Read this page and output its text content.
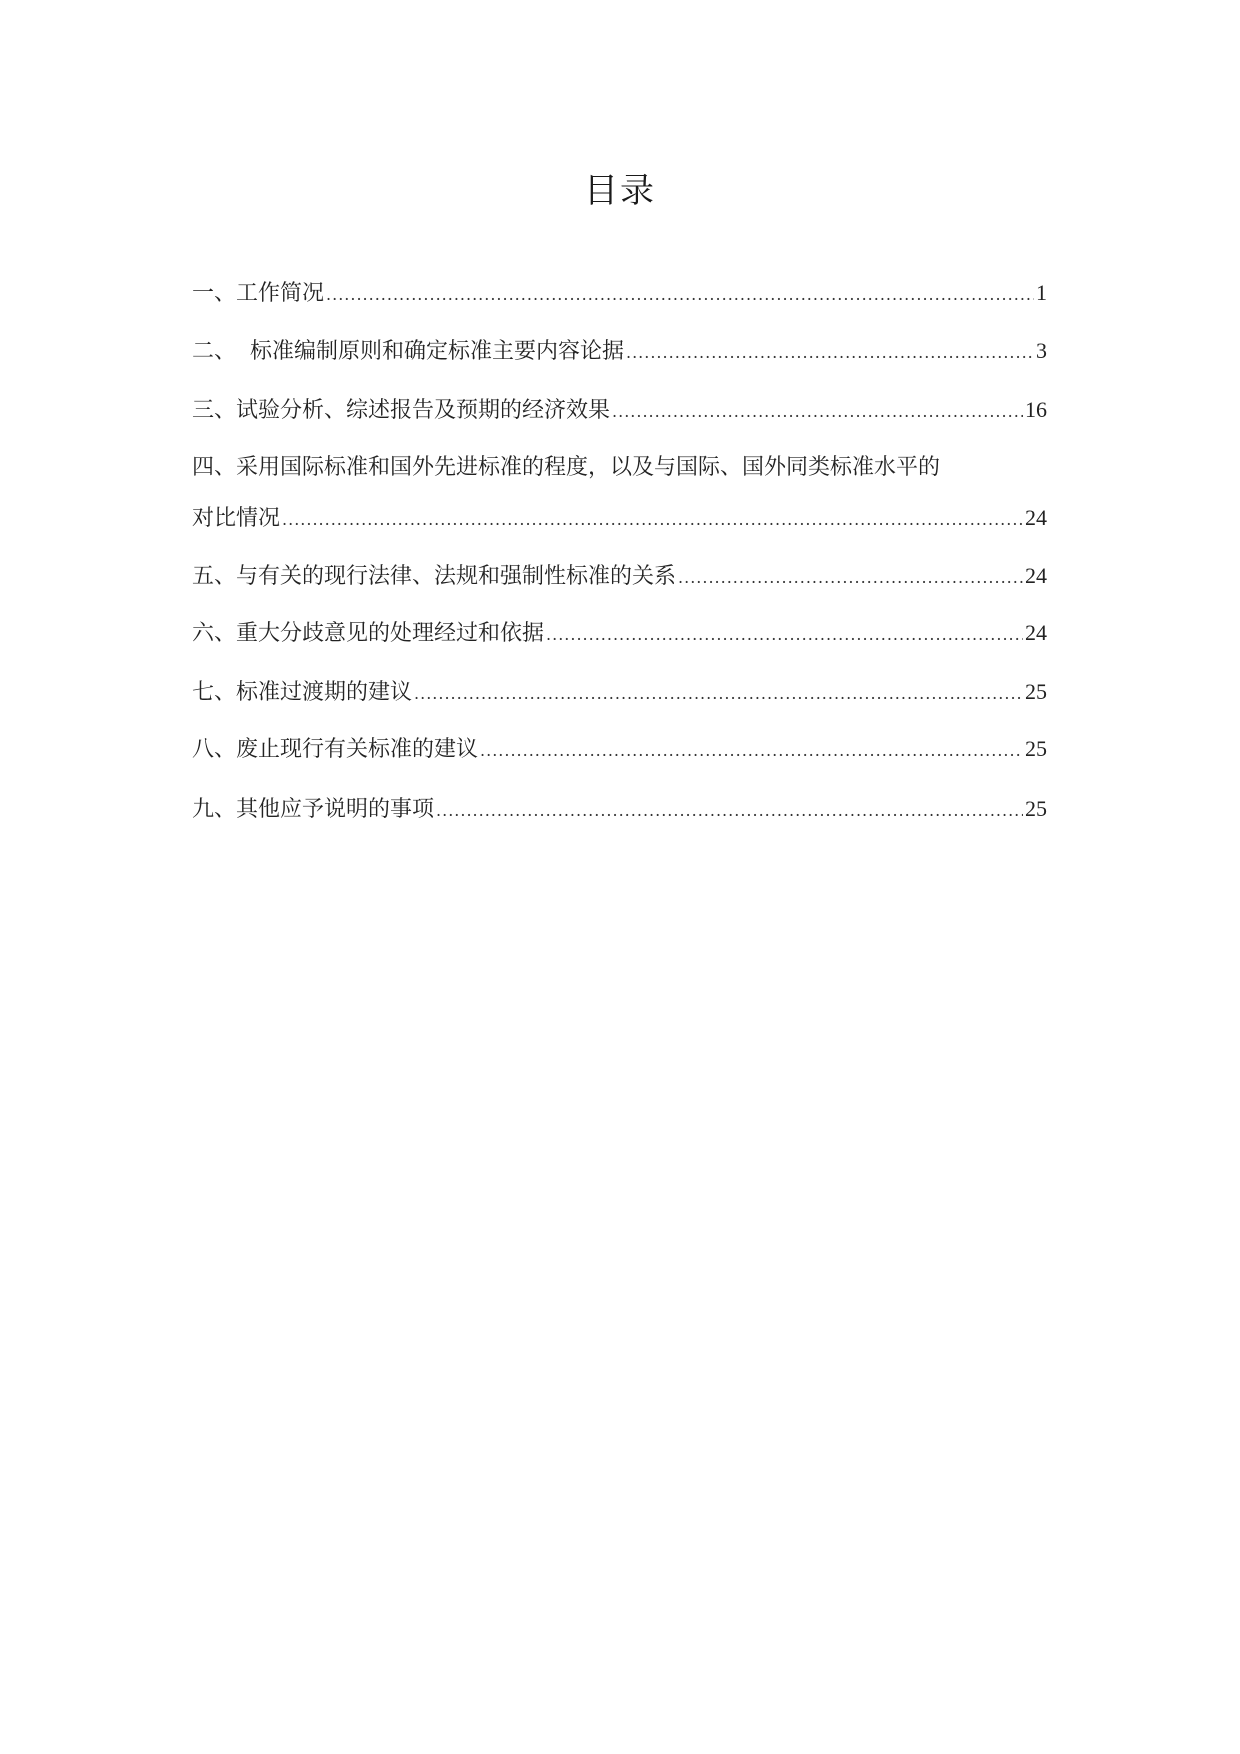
目录
一、工作简况 .....	1
二、  标准编制原则和确定标准主要内容论据 .....	3
三、试验分析、综述报告及预期的经济效果 .....	16
四、采用国际标准和国外先进标准的程度，以及与国际、国外同类标准水平的
对比情况 .....	24
五、与有关的现行法律、法规和强制性标准的关系 .....	24
六、重大分歧意见的处理经过和依据 .....	24
七、标准过渡期的建议 .....	25
八、废止现行有关标准的建议 .....	25
九、其他应予说明的事项 .....	25
